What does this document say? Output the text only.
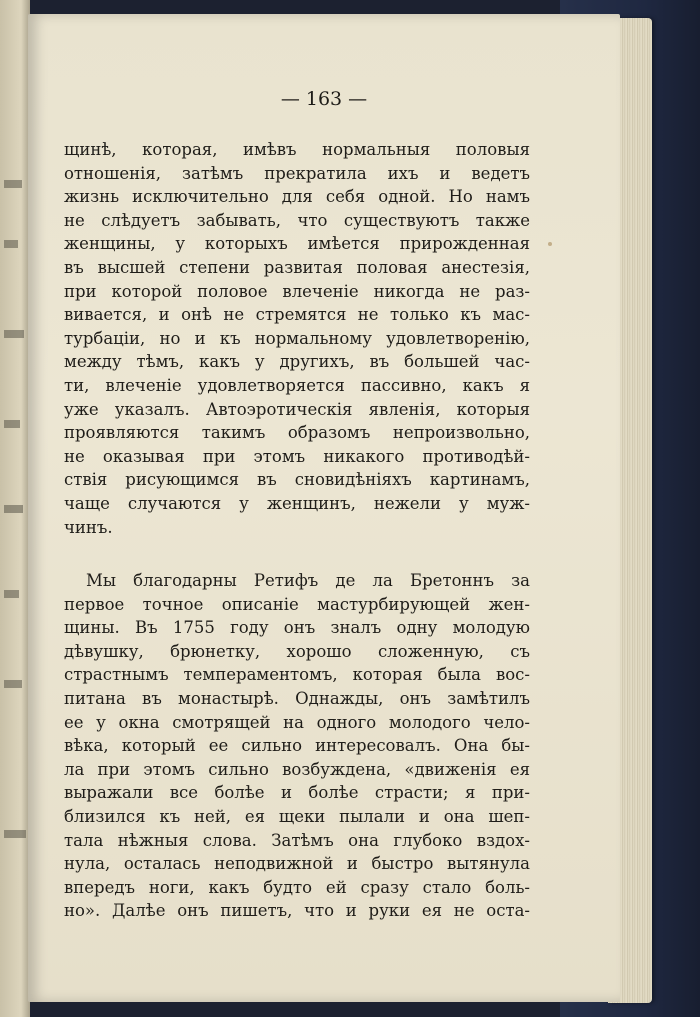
— 163 —
щинѣ, которая, имѣвъ нормальныя половыя
отношенія, затѣмъ прекратила ихъ и ведетъ
жизнь исключительно для себя одной. Но намъ
не слѣдуетъ забывать, что существуютъ также
женщины, у которыхъ имѣется прирожденная
въ высшей степени развитая половая анестезія,
при которой половое влеченіе никогда не раз-
вивается, и онѣ не стремятся не только къ мас-
турбаціи, но и къ нормальному удовлетворенію,
между тѣмъ, какъ у другихъ, въ большей час-
ти, влеченіе удовлетворяется пассивно, какъ я
уже указалъ. Автоэротическія явленія, которыя
проявляются такимъ образомъ непроизвольно,
не оказывая при этомъ никакого противодѣй-
ствія рисующимся въ сновидѣніяхъ картинамъ,
чаще случаются у женщинъ, нежели у муж-
чинъ.
Мы благодарны Ретифъ де ла Бретоннъ за
первое точное описаніе мастурбирующей жен-
щины. Въ 1755 году онъ зналъ одну молодую
дѣвушку, брюнетку, хорошо сложенную, съ
страстнымъ темпераментомъ, которая была вос-
питана въ монастырѣ. Однажды, онъ замѣтилъ
ее у окна смотрящей на одного молодого чело-
вѣка, который ее сильно интересовалъ. Она бы-
ла при этомъ сильно возбуждена, «движенія ея
выражали все болѣе и болѣе страсти; я при-
близился къ ней, ея щеки пылали и она шеп-
тала нѣжныя слова. Затѣмъ она глубоко вздох-
нула, осталась неподвижной и быстро вытянула
впередъ ноги, какъ будто ей сразу стало боль-
но». Далѣе онъ пишетъ, что и руки ея не оста-
